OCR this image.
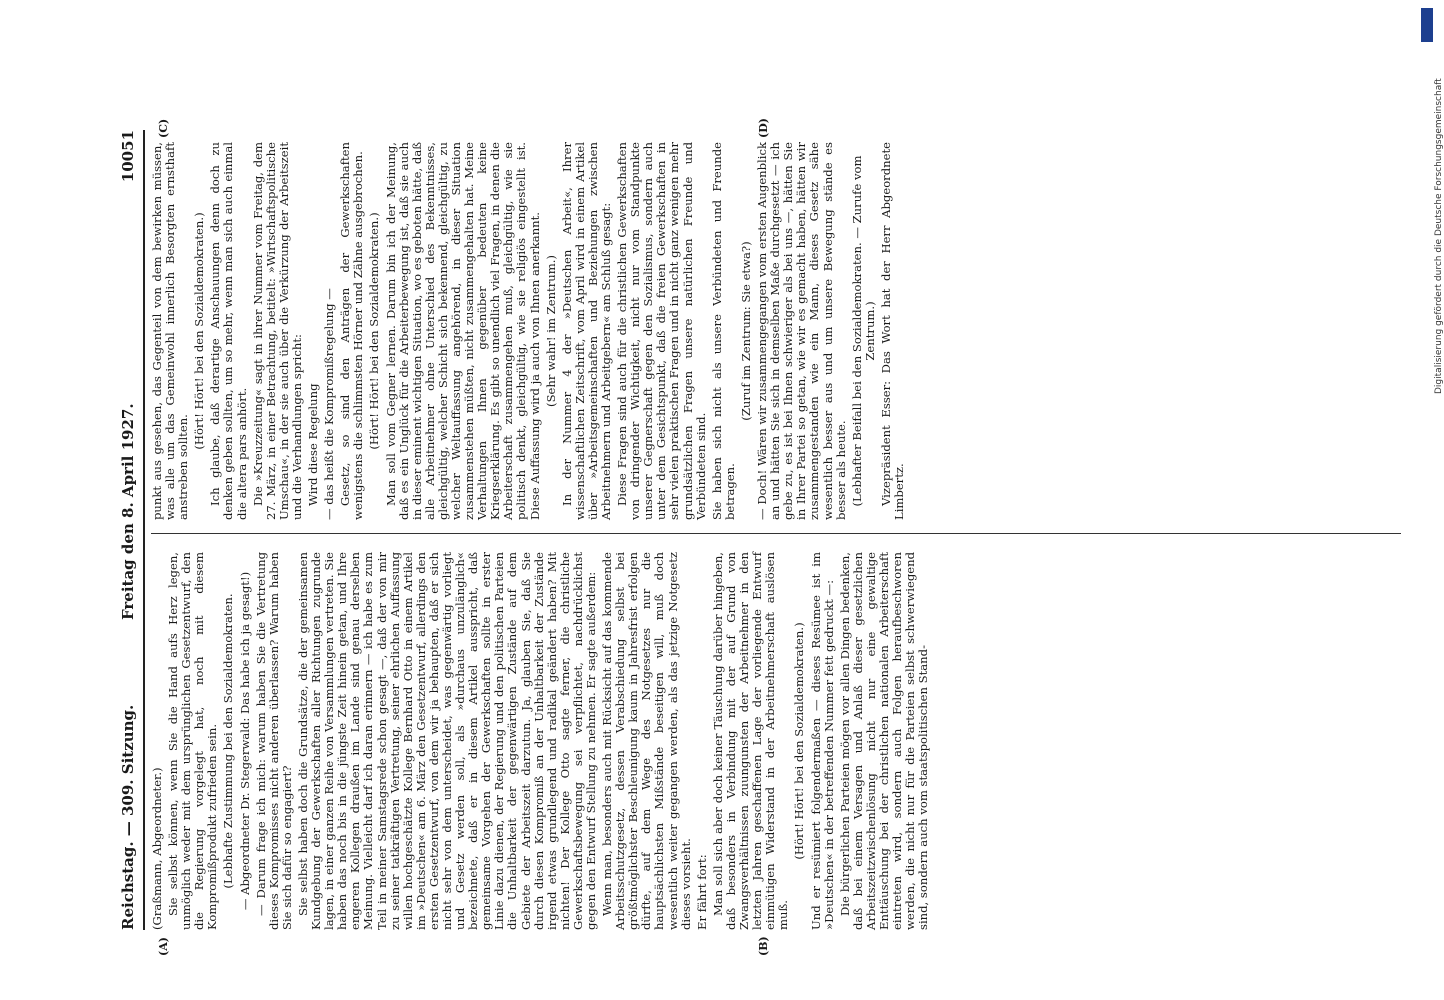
Reichstag. — 309. Sitzung.
Freitag den 8. April 1927.
10051
(A)	(B)
(C)	(D)

(Graßmann, Abgeordneter.) Sie selbst können, wenn Sie die Hand aufs Herz legen, unmöglich weder mit dem ursprünglichen Gesetzentwurf, den die Regierung vorgelegt hat, noch mit diesem Kompromißprodukt zufrieden sein. (Lebhafte Zustimmung bei den Sozialdemokraten. — Abgeordneter Dr. Stegerwald: Das habe ich ja gesagt!) — Darum frage ich mich: warum haben Sie die Vertretung dieses Kompromisses nicht anderen überlassen? Warum haben Sie sich dafür so engagiert? Sie selbst haben doch die Grundsätze, die der gemeinsamen Kundgebung der Gewerkschaften aller Richtungen zugrunde lagen, in einer ganzen Reihe von Versammlungen vertreten. Sie haben das noch bis in die jüngste Zeit hinein getan, und Ihre engeren Kollegen draußen im Lande sind genau derselben Meinung. Vielleicht darf ich daran erinnern — ich habe es zum Teil in meiner Samstagsrede schon gesagt —, daß der von mir zu seiner tatkräftigen Vertretung, seiner ehrlichen Auffassung willen hochgeschätzte Kollege Bernhard Otto in einem Artikel im »Deutschen« am 6. März den Gesetzentwurf, allerdings den ersten Gesetzentwurf, von dem wir ja behaupten, daß er sich nicht sehr von dem unterscheidet, was gegenwärtig vorliegt und Gesetz werden soll, als »durchaus unzulänglich« bezeichnete, daß er in diesem Artikel ausspricht, daß gemeinsame Vorgehen der Gewerkschaften sollte in erster Linie dazu dienen, der Regierung und den politischen Parteien die Unhaltbarkeit der gegenwärtigen Zustände auf dem Gebiete der Arbeitszeit darzutun. Ja, glauben Sie, daß Sie durch diesen Kompromiß an der Unhaltbarkeit der Zustände irgend etwas grundlegend und radikal geändert haben? Mit nichten! Der Kollege Otto sagte ferner, die christliche Gewerkschaftsbewegung sei verpflichtet, nachdrücklichst gegen den Entwurf Stellung zu nehmen. Er sagte außerdem: Wenn man, besonders auch mit Rücksicht auf das kommende Arbeitsschutzgesetz, dessen Verabschiedung selbst bei größtmöglichster Beschleunigung kaum in Jahresfrist erfolgen dürfte, auf dem Wege des Notgesetzes nur die hauptsächlichsten Mißstände beseitigen will, muß doch wesentlich weiter gegangen werden, als das jetzige Notgesetz dieses vorsieht. Er fährt fort: Man soll sich aber doch keiner Täuschung darüber hingeben, daß besonders in Verbindung mit der auf Grund von Zwangsverhältnissen zuungunsten der Arbeitnehmer in den letzten Jahren geschaffenen Lage der vorliegende Entwurf einmütigen Widerstand in der Arbeitnehmerschaft auslösen muß.

(Hört! Hört! bei den Sozialdemokraten.) Und er resümiert folgendermaßen — dieses Resümee ist im »Deutschen« in der betreffenden Nummer fett gedruckt —: Die bürgerlichen Parteien mögen vor allen Dingen bedenken, daß bei einem Versagen und Anlaß dieser gesetzlichen Arbeitszeitzwischenlösung nicht nur eine gewaltige Enttäuschung bei der christlichen nationalen Arbeiterschaft eintreten wird, sondern auch Folgen heraufbeschworen werden, die nicht nur für die Parteien selbst schwerwiegend sind, sondern auch vom staatspolitischen Stand-

punkt aus gesehen, das Gegenteil von dem bewirken müssen, was alle um das Gemeinwohl innerlich Besorgten ernsthaft anstreben sollten.

(Hört! Hört! bei den Sozialdemokraten.) Ich glaube, daß derartige Anschauungen denn doch zu denken geben sollten, um so mehr, wenn man sich auch einmal die altera pars anhört. Die »Kreuzzeitung« sagt in ihrer Nummer vom Freitag, dem 27. März, in einer Betrachtung, betitelt: »Wirtschaftspolitische Umschau«, in der sie auch über die Verkürzung der Arbeitszeit und die Verhandlungen spricht: Wird diese Regelung — das heißt die Kompromißregelung — Gesetz, so sind den Anträgen der Gewerkschaften wenigstens die schlimmsten Hörner und Zähne ausgebrochen. (Hört! Hört! bei den Sozialdemokraten.) Man soll vom Gegner lernen. Darum bin ich der Meinung, daß es ein Unglück für die Arbeiterbewegung ist, daß sie auch in dieser eminent wichtigen Situation, wo es geboten hätte, daß alle Arbeitnehmer ohne Unterschied des Bekenntnisses, gleichgültig, welcher Schicht sich bekennend, gleichgültig, zu welcher Weltauffassung angehörend, in dieser Situation zusammenstehen müßten, nicht zusammengehalten hat. Meine Verhaltungen Ihnen gegenüber bedeuten keine Kriegserklärung. Es gibt so unendlich viel Fragen, in denen die Arbeiterschaft zusammengehen muß, gleichgültig, wie sie politisch denkt, gleichgültig, wie sie religiös eingestellt ist. Diese Auffassung wird ja auch von Ihnen anerkannt. (Sehr wahr! im Zentrum.) In der Nummer 4 der »Deutschen Arbeit«, Ihrer wissenschaftlichen Zeitschrift, vom April wird in einem Artikel über »Arbeitsgemeinschaften und Beziehungen zwischen Arbeitnehmern und Arbeitgebern« am Schluß gesagt: Diese Fragen sind auch für die christlichen Gewerkschaften von dringender Wichtigkeit, nicht nur vom Standpunkte unserer Gegnerschaft gegen den Sozialismus, sondern auch unter dem Gesichtspunkt, daß die freien Gewerkschaften in sehr vielen praktischen Fragen und in nicht ganz wenigen mehr grundsätzlichen Fragen unsere natürlichen Freunde und Verbündeten sind. Sie haben sich nicht als unsere Verbündeten und Freunde betragen.

(Zuruf im Zentrum: Sie etwa?) — Doch! Wären wir zusammengegangen vom ersten Augenblick an und hätten Sie sich in demselben Maße durchgesetzt — ich gebe zu, es ist bei Ihnen schwieriger als bei uns —, hätten Sie in Ihrer Partei so getan, wie wir es gemacht haben, hätten wir zusammengestanden wie ein Mann, dieses Gesetz sähe wesentlich besser aus und um unsere Bewegung stände es besser als heute. (Lebhafter Beifall bei den Sozialdemokraten. — Zurufe vom Zentrum.) Vizepräsident Esser: Das Wort hat der Herr Abgeordnete Limbertz.

DFG
Digitalisierung gefördert durch die Deutsche Forschungsgemeinschaft
